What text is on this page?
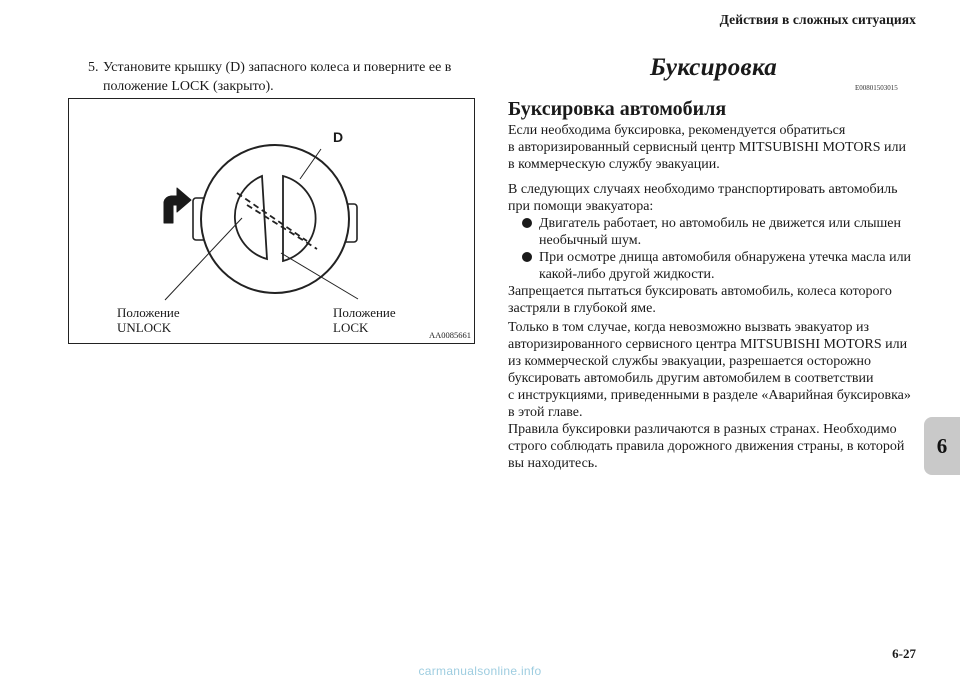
Действия в сложных ситуациях
5. Установите крышку (D) запасного колеса и поверните ее в положение LOCK (закрыто).
D
Положение
UNLOCK
Положение
LOCK	AA0085661
Буксировка
E00801503015
Буксировка автомобиля
Если необходима буксировка, рекомендуется обратиться
в авторизированный сервисный центр MITSUBISHI MOTORS или
в коммерческую службу эвакуации.
В следующих случаях необходимо транспортировать автомобиль
при помощи эвакуатора:
Двигатель работает, но автомобиль не движется или слышен
необычный шум.
При осмотре днища автомобиля обнаружена утечка масла или
какой-либо другой жидкости.
Запрещается пытаться буксировать автомобиль, колеса которого
застряли в глубокой яме.
Только в том случае, когда невозможно вызвать эвакуатор из
авторизированного сервисного центра MITSUBISHI MOTORS или
из коммерческой службы эвакуации, разрешается осторожно
буксировать автомобиль другим автомобилем в соответствии
с инструкциями, приведенными в разделе «Аварийная буксировка»
в этой главе.
Правила буксировки различаются в разных странах. Необходимо
строго соблюдать правила дорожного движения страны, в которой
вы находитесь.
6
6-27
carmanualsonline.info
